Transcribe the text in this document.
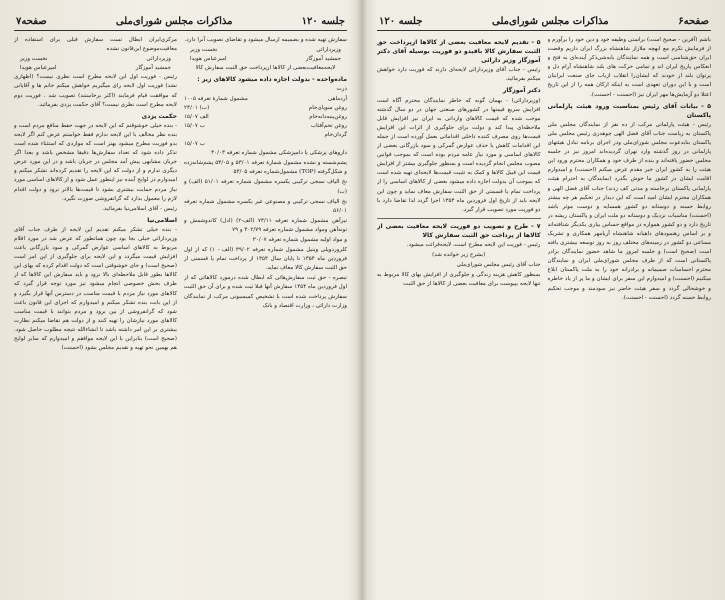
جلسه ۱۲۰
مذاکرات مجلس شورای‌ملی
صفحه۷

سفارش تهیه شده و بضمیمه ارسال میشود و تقاضای تصویب آنرا دارد.

وزیردارائی
نخست وزیر
جمشید آموزگار
امیرعباس هویدا

لایحه‌معافیت‌بعضی از کالاها ازپرداخت حق الثبت سفارش کالا

ماده‌واحده - بدولت اجازه داده میشود کالاهای زیر :

ذرت	
آرد‌ماهی	مشمول شمارهٔ تعرفه ۱۰۰۵
روغن سویای‌خام	۲۳/۰۱ (ب)
روغن‌پنبه‌دانه‌خام	۱۵/۰۷ الف
روغن تخم‌آفتاب	۱۵/۰۷ ب
گردان‌خام	
	۱۵/۰۷ ب

داروهای پزشکی یا دامپزشکی مشمول شماره تعرفه ۳۰/۰۳

پشم‌شسته و نشده مشمول شمارهٔ تعرفه ۵۳/۰۱ و ۵۳/۰۵ پشم‌شانه‌زده و شکل‌گرفته (TOP) مشمول‌شماره تعرفه ۵۳/۰۵

نخ الیاف نسجی ترکیبی یکسره مشمول شماره تعرفه ۵۱/۰۱ (الف) و (ب)

نخ الیاف نسجی ترکیبی و مصنوعی غیر یکسره مشمول شماره تعرفه ۵۶/۰۱

تیرآهن مشمول شماره تعرفه ۷۳/۱۱ (الف-۲) (ادل) کاتدوشمش و تونه‌آهن ومواد مشمول شماره تعرفه ۳۰۲/۷۹ و ۷۹

و مواد اولیه مشمول شماره تعرفه ۳۰/۰۷

کلروردوپلی وینیل مشمول شماره تعرفه ۳۹/۰۲ (الف - ۱) که از اول فروردین ماه ۱۳۵۴ تا پایان سال ۱۳۵۴ از پرداخت تمام یا قسمتی از حق الثبت سفارش کالا معاف نماید.

تبصره - حق ثبت سفارش‌هائی که ابطال شده درمورد کالاهائی که از اول فروردین ماه ۱۳۵۴ سفارش آنها قبلا ثبت شده و برای آن حق الثبت سفارش پرداخت شده است با تشخیص کمیسیونی مرکب از نمایندگان وزارت دارائی ، وزارت اقتصاد و بانک

مرکزی‌ایران ابطال تست سفارش قبلی برای استفاده از معافیت‌موضوع این‌قانون نشده

وزیردارائی
نخست وزیر
جمشید آموزگار
امیرعباس هویدا

رئیس - فوریت اول این لایحه مطرح است نظری نیست؟ (اظهاری نشد) فوریت اول لایحه رای میگیریم خواهش میکنم خانم ها و آقایانی که موافقت قیام فرمایند (اکثر برخاستند) تصویب شد . فوریت دوم لایحه مطرح است نظری نیست؟ آقای حکمت یزدی بفرمائید.

حکمت یزدی

- بنده خیلی خوشوقتم که این لایحه در جهت حفظ منافع مردم است و بنده نظر مخالف با این لایحه ندارم فقط خواستم عرض کنم اگر لایحه بدو فوریت مطرح میشود بهتر است که مواردی که استثناء شده است تذکر داده شود که تعداد سفارش‌ها دقیقا مشخص باشد و بعدا اگر جریان مشابهی پیش آمد مجلس در جریان باشد و در این مورد عرض دیگری ندارم و از دولت که این لایحه را تقدیم کرده‌اند تشکر میکنم و امیدوارم در لوایح آینده نیز اینطور عمل شود و از کالاهای اساسی مورد نیاز مردم حمایت بیشتری بشود تا قیمت‌ها بالاتر نرود و دولت اقدام لازم را معمول بدارد که گرانفروشی صورت نگیرد.

رئیس - آقای اسلامی‌نیا بفرمائید.

اسلامی‌نیا

- بنده خیلی تشکر میکنم تقدیم این لایحه از طرف جناب آقای وزیردارائی خیلی بجا بود چون همانطور که عرض شد در مورد اقلام مربوط به کالاهای اساسی عوارض گمرکی و سود بازرگانی باعث افزایش قیمت میگردد و این لایحه برای جلوگیری از این امر است (صحیح است) و جای خوشوقتی است که دولت اقدام کرده که بهای این کالاها بطور قابل ملاحظه‌ای بالا نرود و باید سفارش این کالاها که از طرف بخش خصوصی انجام میشود نیز مورد توجه قرار گیرد که کالاهای مورد نیاز مردم با قیمت مناسب در دسترس آنها قرار بگیرد و از این بابت بنده تشکر میکنم و امیدوارم که اجرای این قانون باعث شود که گرانفروشی از بین برود و مردم بتوانند با قیمت مناسب کالاهای مورد نیازشان را تهیه کنند و از دولت هم تقاضا میکنم نظارت بیشتری بر این امر داشته باشد تا انشاءالله نتیجه مطلوب حاصل شود. (صحیح است) بنابراین با این لایحه موافقم و امیدوارم که سایر لوایح هم بهمین نحو تهیه و تقدیم مجلس بشود (احسنت)

صفحه۶
مذاکرات مجلس شورای‌ملی
جلسه ۱۲۰

باشم (آفرین - صحیح است) براستی وظیفه خود و دین خود را برآورم و از فرمایش تکرم مع ابهچه ملازاز شاهنشاه بزرگ ایران داریم وقضت ایران حق‌شناسی است و همه نمایندگان بابه‌شی‌ذکر آینده‌ای به فتح و انعکاس پاریخ ایران اند و تمامی حرکت های بلند شاهنشاه آرام دل و پرتوان بلند از خودند که ایشان‌را انقلاب ازباب جای صنعت ایرانیان است و با این دوران تعهدی است به اینکه ارکان همه را از این تاریخ اعتلا دو آزمایش‌ها مهر ایران نیز (احسنت - احسنت).

۵ - بیانات آقای رئیس بمناسبت ورود هیئت پارلمانی پاکستان

رئیس - هیئت پارلمانی مرکب از ده نفر از نمایندگان مجلس ملی پاکستان به ریاست جناب آقای فضل الهی چوهدری رئیس مجلس ملی پاکستان بنابدعوت مجلس شورای‌ملی ودر اجرای برنامه تبادل هیئتهای پارلمانی در روز گذشته وارد تهران گردیده‌اند امروز نیز در جلسه مجلس حضور یافته‌اند و بنده از طرف خود و همکاران محترم ورود این هیئت را به کشور ایران خیر مقدم عرض میکنم (احسنت) و امیدوارم اقامت ایشان در کشور ما خوش بگذرد (نمایندگان به احترام هیئت پارلمانی پاکستان برخاسته و مدتی کف زدند) جناب آقای فضل الهی و همکاران محترم ایشان امید است که این دیدار در تحکیم هر چه بیشتر روابط حسنه و دوستانه دو کشور همسایه و دوست موثر باشد (احسنت) مناسبات نزدیک و دوستانه دو ملت ایران و پاکستان ریشه در تاریخ دارد و دو کشور همواره در مواقع حساس بیاری یکدیگر شتافته‌اند و بر اساس رهنمودهای داهیانه شاهنشاه آریامهر همکاری و تشریک مساعی دو کشور در زمینه‌های مختلف روز به روز توسعه بیشتری یافته است (صحیح است) و جلسه امروز ما شاهد حضور نمایندگان برادر پاکستانی است که از طرف مجلس شورای‌ملی ایران و نمایندگان محترم احساسات صمیمانه و برادرانه خود را به ملت پاکستان ابلاغ میکنیم (احسنت) و امیدوارم این سفر برای ایشان و ما پر از یاد خاطره و خوشحالی گردد و سفر هیئت حاضر نیز سودمند و موجب تحکیم روابط حسنه گردد (احسنت - احسنت).

۵ - تقدیم لایحه معافیت بعضی از کالاها ازپرداخت حق الثبت سفارش کالا باقیدو دو فوریت بوسیله آقای دکتر آموزگار وزیر دارائی

رئیس - جناب آقای وزیردارائی لایحه‌ای دارند که فوریت دارد خواهش میکنم بفرمائید.

دکتر آموزگار

(وزیردارائی) - بهمان گونه که خاطر نمایندگان محترم آگاه است افزایش سریع قیمتها در کشورهای صنعتی جهان در دو سال گذشته موجب شده که قیمت کالاهای وارداتی به ایران نیز افزایش قابل ملاحظه‌ای پیدا کند و دولت برای جلوگیری از اثرات این افزایش قیمت‌ها روی مصرف کننده داخلی اقداماتی بعمل آورده است از جمله این اقدامات کاهش یا حذف عوارض گمرکی و سود بازرگانی بعضی از کالاهای اساسی و مورد نیاز عامه مردم بوده است که بموجب قوانین مصوب مجلس انجام گردیده است و بمنظور جلوگیری بیشتر از افزایش قیمت این قبیل کالاها و کمک به تثبیت قیمت‌ها لایحه‌ای تهیه شده است که بموجب آن بدولت اجازه داده میشود بعضی از کالاهای اساسی را از پرداخت تمام یا قسمتی از حق الثبت سفارش معاف نماید و چون این لایحه باید از تاریخ اول فروردین ماه ۱۳۵۴ اجرا گردد لذا تقاضا دارد با دو فوریت مورد تصویب قرار گیرد.

۷ - طرح و تصویب دو فوریت لایحه معافیت بعضی از کالاها از پرداخت حق الثبت سفارش کالا

رئیس - فوریت این لایحه مطرح است، لایحه‌قرائت میشود.

(بشرح زیر خوانده شد)

جناب آقای رئیس مجلس شورای‌ملی

بمنظور کاهش هزینه زندگی و جلوگیری از افزایش بهای کالا مربوط به تنها لایحه بپیوست برای معافیت بعضی از کالاها از حق الثبت
